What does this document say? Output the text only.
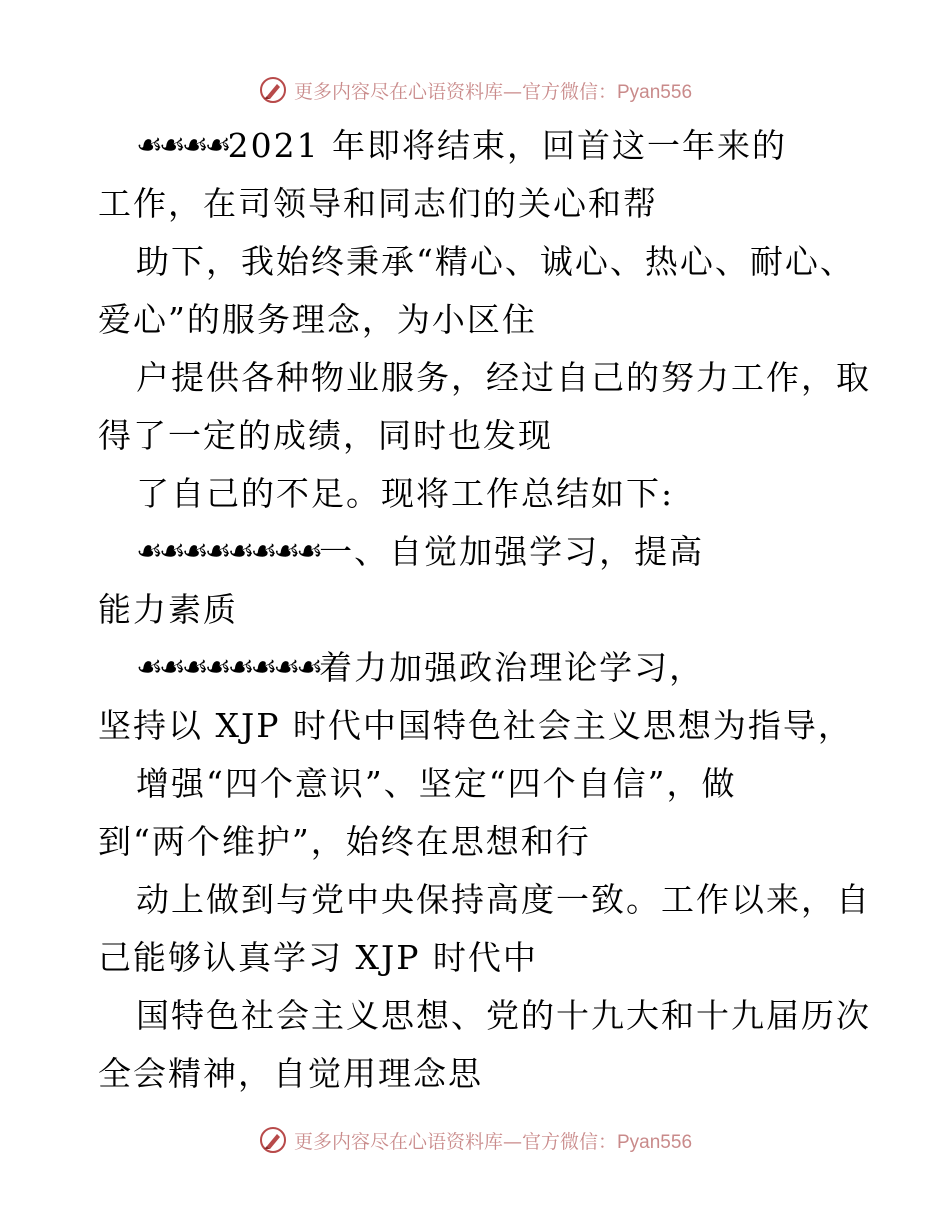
更多内容尽在心语资料库—官方微信：Pyan556
☙☙☙☙2021 年即将结束，回首这一年来的
工作，在司领导和同志们的关心和帮
助下，我始终秉承“精心、诚心、热心、耐心、
爱心”的服务理念，为小区住
户提供各种物业服务，经过自己的努力工作，取
得了一定的成绩，同时也发现
了自己的不足。现将工作总结如下:
☙☙☙☙☙☙☙☙一、自觉加强学习，提高
能力素质
☙☙☙☙☙☙☙☙着力加强政治理论学习，
坚持以 XJP 时代中国特色社会主义思想为指导，
增强“四个意识”、坚定“四个自信”，做
到“两个维护”，始终在思想和行
动上做到与党中央保持高度一致。工作以来，自
己能够认真学习 XJP 时代中
国特色社会主义思想、党的十九大和十九届历次
全会精神，自觉用理念思
更多内容尽在心语资料库—官方微信：Pyan556
